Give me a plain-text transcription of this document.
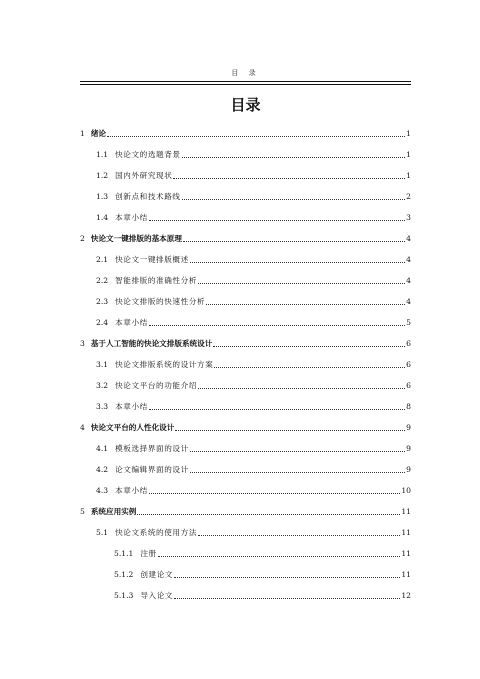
目 录
目录
1 绪论	1
1.1 快论文的选题背景	1
1.2 国内外研究现状	1
1.3 创新点和技术路线	2
1.4 本章小结	3
2 快论文一键排版的基本原理	4
2.1 快论文一键排版概述	4
2.2 智能排版的准确性分析	4
2.3 快论文排版的快速性分析	4
2.4 本章小结	5
3 基于人工智能的快论文排版系统设计	6
3.1 快论文排版系统的设计方案	6
3.2 快论文平台的功能介绍	6
3.3 本章小结	8
4 快论文平台的人性化设计	9
4.1 模板选择界面的设计	9
4.2 论文编辑界面的设计	9
4.3 本章小结	10
5 系统应用实例	11
5.1 快论文系统的使用方法	11
5.1.1 注册	11
5.1.2 创建论文	11
5.1.3 导入论文	12
